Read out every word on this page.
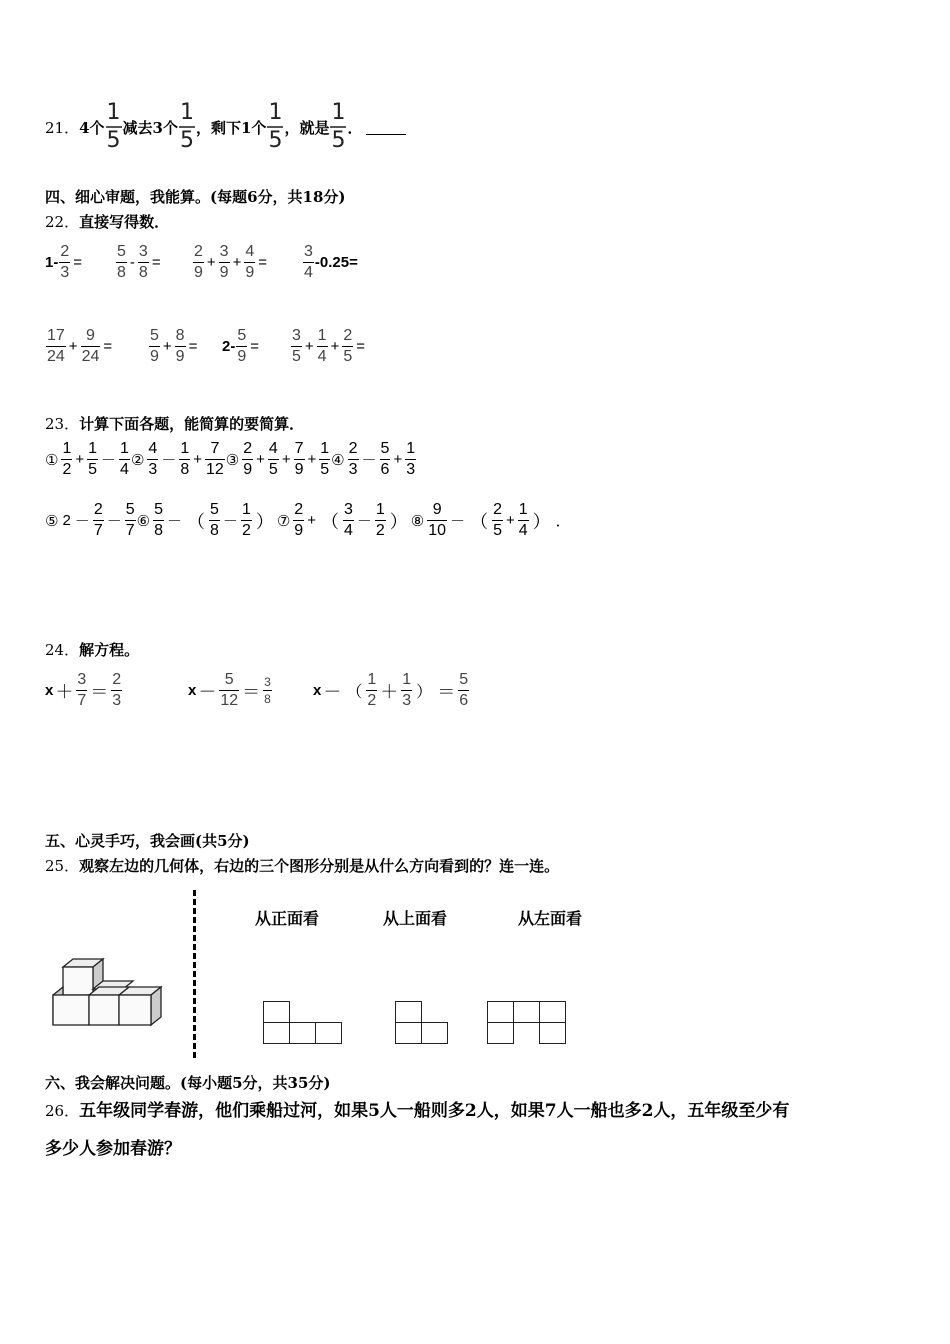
21． 4个 $\frac{1}{5}$ 减去 3个 $\frac{1}{5}$ ，剩下 1个 $\frac{1}{5}$ ，就是 $\frac{1}{5}$ ．
四、细心审题，我能算。(每题6分，共18分)
22．直接写得数．
$1- \frac{2}{3} = \frac{5}{8} - \frac{3}{8} = \frac{2}{9} + \frac{3}{9} + \frac{4}{9} = \frac{3}{4} -0.25=$
$\frac{17}{24} + \frac{9}{24} = \frac{5}{9} + \frac{8}{9} = 2- \frac{5}{9} = \frac{3}{5} + \frac{1}{4} + \frac{2}{5}$ =
23．计算下面各题，能简算的要简算．
① $\frac{1}{2} + \frac{1}{5} - \frac{1}{4}$ ② $\frac{4}{3} - \frac{1}{8} + \frac{7}{12}$ ③ $\frac{2}{9} + \frac{4}{5} + \frac{7}{9} + \frac{1}{5}$ ④ $\frac{2}{3} - \frac{5}{6} + \frac{1}{3}$
⑤ $2 - \frac{2}{7} - \frac{5}{7}$ ⑥ $\frac{5}{8}$ － （ $\frac{5}{8} - \frac{1}{2}$ ） ⑦ $\frac{2}{9}$ + （ $\frac{3}{4} - \frac{1}{2}$ ） ⑧ $\frac{9}{10}$ － （ $\frac{2}{5} + \frac{1}{4}$ ） ．
24．解方程。
$x + \frac{3}{7} = \frac{2}{3}$	$x - \frac{5}{12} = \frac{3}{8}$	x － （ $\frac{1}{2} + \frac{1}{3}$ ） ＝ $\frac{5}{6}$
五、心灵手巧，我会画(共5分)
25．观察左边的几何体，右边的三个图形分别是从什么方向看到的？连一连。
从正面看	从上面看	从左面看
六、我会解决问题。(每小题5分，共35分)
26．五年级同学春游，他们乘船过河，如果5人一船则多2人，如果7人一船也多2人，五年级至少有
多少人参加春游？
